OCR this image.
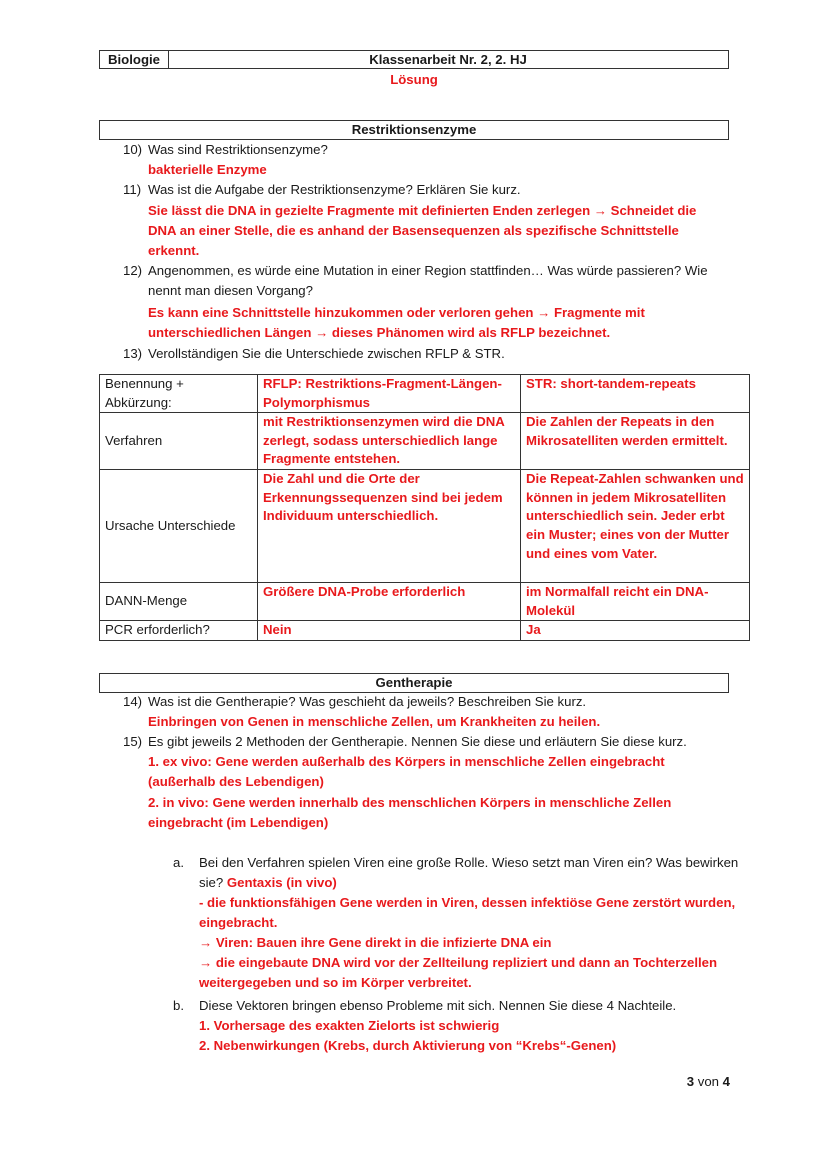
Biologie	Klassenarbeit Nr. 2, 2. HJ
Lösung
Restriktionsenzyme
10) Was sind Restriktionsenzyme?
bakterielle Enzyme
11) Was ist die Aufgabe der Restriktionsenzyme? Erklären Sie kurz.
Sie lässt die DNA in gezielte Fragmente mit definierten Enden zerlegen → Schneidet die DNA an einer Stelle, die es anhand der Basensequenzen als spezifische Schnittstelle erkennt.
12) Angenommen, es würde eine Mutation in einer Region stattfinden… Was würde passieren? Wie nennt man diesen Vorgang?
Es kann eine Schnittstelle hinzukommen oder verloren gehen → Fragmente mit unterschiedlichen Längen → dieses Phänomen wird als RFLP bezeichnet.
13) Verollständigen Sie die Unterschiede zwischen RFLP & STR.
Benennung + Abkürzung:	RFLP: Restriktions-Fragment-Längen-Polymorphismus	STR: short-tandem-repeats
Verfahren	mit Restriktionsenzymen wird die DNA zerlegt, sodass unterschiedlich lange Fragmente entstehen.	Die Zahlen der Repeats in den Mikrosatelliten werden ermittelt.
Ursache Unterschiede	Die Zahl und die Orte der Erkennungssequenzen sind bei jedem Individuum unterschiedlich.	Die Repeat-Zahlen schwanken und können in jedem Mikrosatelliten unterschiedlich sein. Jeder erbt ein Muster; eines von der Mutter und eines vom Vater.
DANN-Menge	Größere DNA-Probe erforderlich	im Normalfall reicht ein DNA-Molekül
PCR erforderlich?	Nein	Ja
Gentherapie
14) Was ist die Gentherapie? Was geschieht da jeweils? Beschreiben Sie kurz.
Einbringen von Genen in menschliche Zellen, um Krankheiten zu heilen.
15) Es gibt jeweils 2 Methoden der Gentherapie. Nennen Sie diese und erläutern Sie diese kurz.
1. ex vivo: Gene werden außerhalb des Körpers in menschliche Zellen eingebracht (außerhalb des Lebendigen)
2. in vivo: Gene werden innerhalb des menschlichen Körpers in menschliche Zellen eingebracht (im Lebendigen)
a. Bei den Verfahren spielen Viren eine große Rolle. Wieso setzt man Viren ein? Was bewirken sie? Gentaxis (in vivo)
- die funktionsfähigen Gene werden in Viren, dessen infektiöse Gene zerstört wurden, eingebracht.
→ Viren: Bauen ihre Gene direkt in die infizierte DNA ein
→ die eingebaute DNA wird vor der Zellteilung repliziert und dann an Tochterzellen weitergegeben und so im Körper verbreitet.
b. Diese Vektoren bringen ebenso Probleme mit sich. Nennen Sie diese 4 Nachteile.
1. Vorhersage des exakten Zielorts ist schwierig
2. Nebenwirkungen (Krebs, durch Aktivierung von “Krebs“-Genen)
3 von 4
